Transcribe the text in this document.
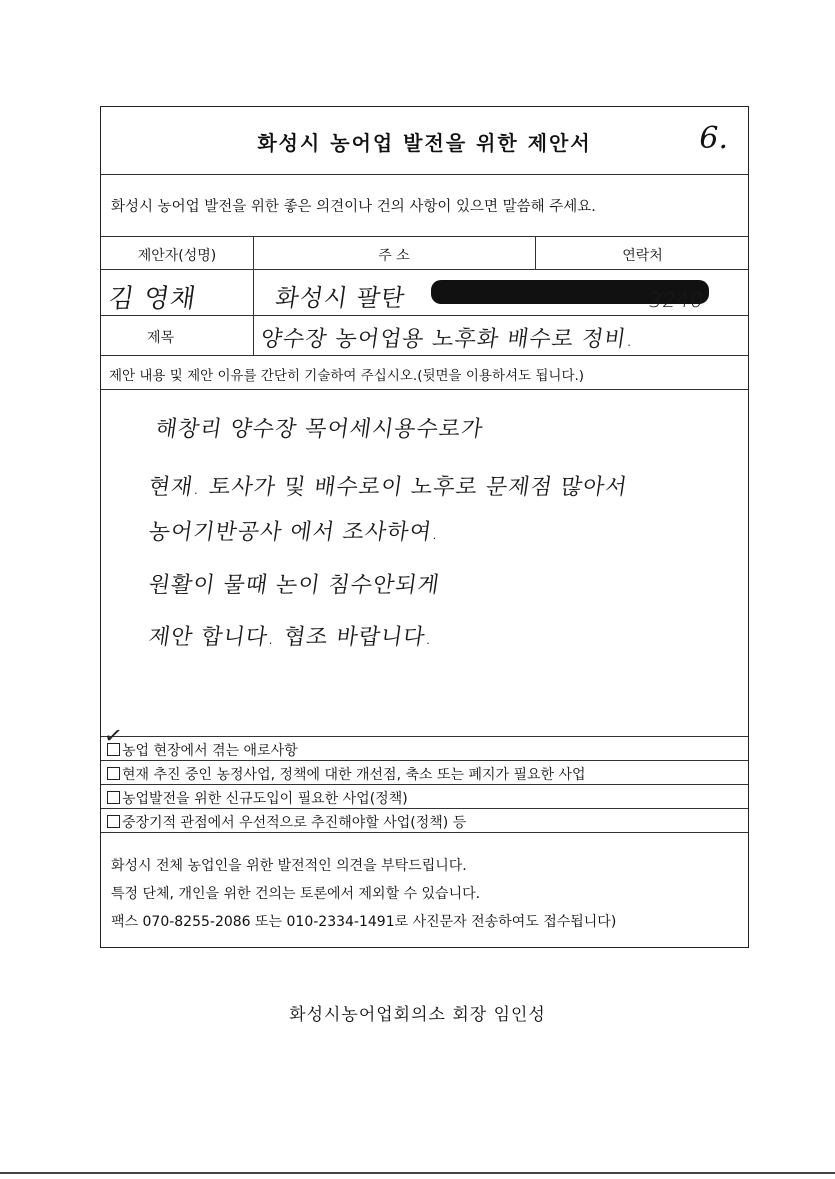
화성시 농어업 발전을 위한 제안서	6.
화성시 농어업 발전을 위한 좋은 의견이나 건의 사항이 있으면 말씀해 주세요.
제안자(성명)	주 소	연락처
김 영채	화성시 팔탄	3240
제목	양수장 농어업용 노후화 배수로 정비.
제안 내용 및 제안 이유를 간단히 기술하여 주십시오.(뒷면을 이용하셔도 됩니다.)
해창리 양수장 목어세시용수로가
현재. 토사가 및 배수로이 노후로 문제점 많아서
농어기반공사 에서 조사하여.
원활이 물때 논이 침수안되게
제안 합니다. 협조 바랍니다.
✓
농업 현장에서 겪는 애로사항
현재 추진 중인 농정사업, 정책에 대한 개선점, 축소 또는 폐지가 필요한 사업
농업발전을 위한 신규도입이 필요한 사업(정책)
중장기적 관점에서 우선적으로 추진해야할 사업(정책) 등
화성시 전체 농업인을 위한 발전적인 의견을 부탁드립니다.
특정 단체, 개인을 위한 건의는 토론에서 제외할 수 있습니다.
팩스 070-8255-2086 또는 010-2334-1491로 사진문자 전송하여도 접수됩니다)
화성시농어업회의소 회장 임인성
